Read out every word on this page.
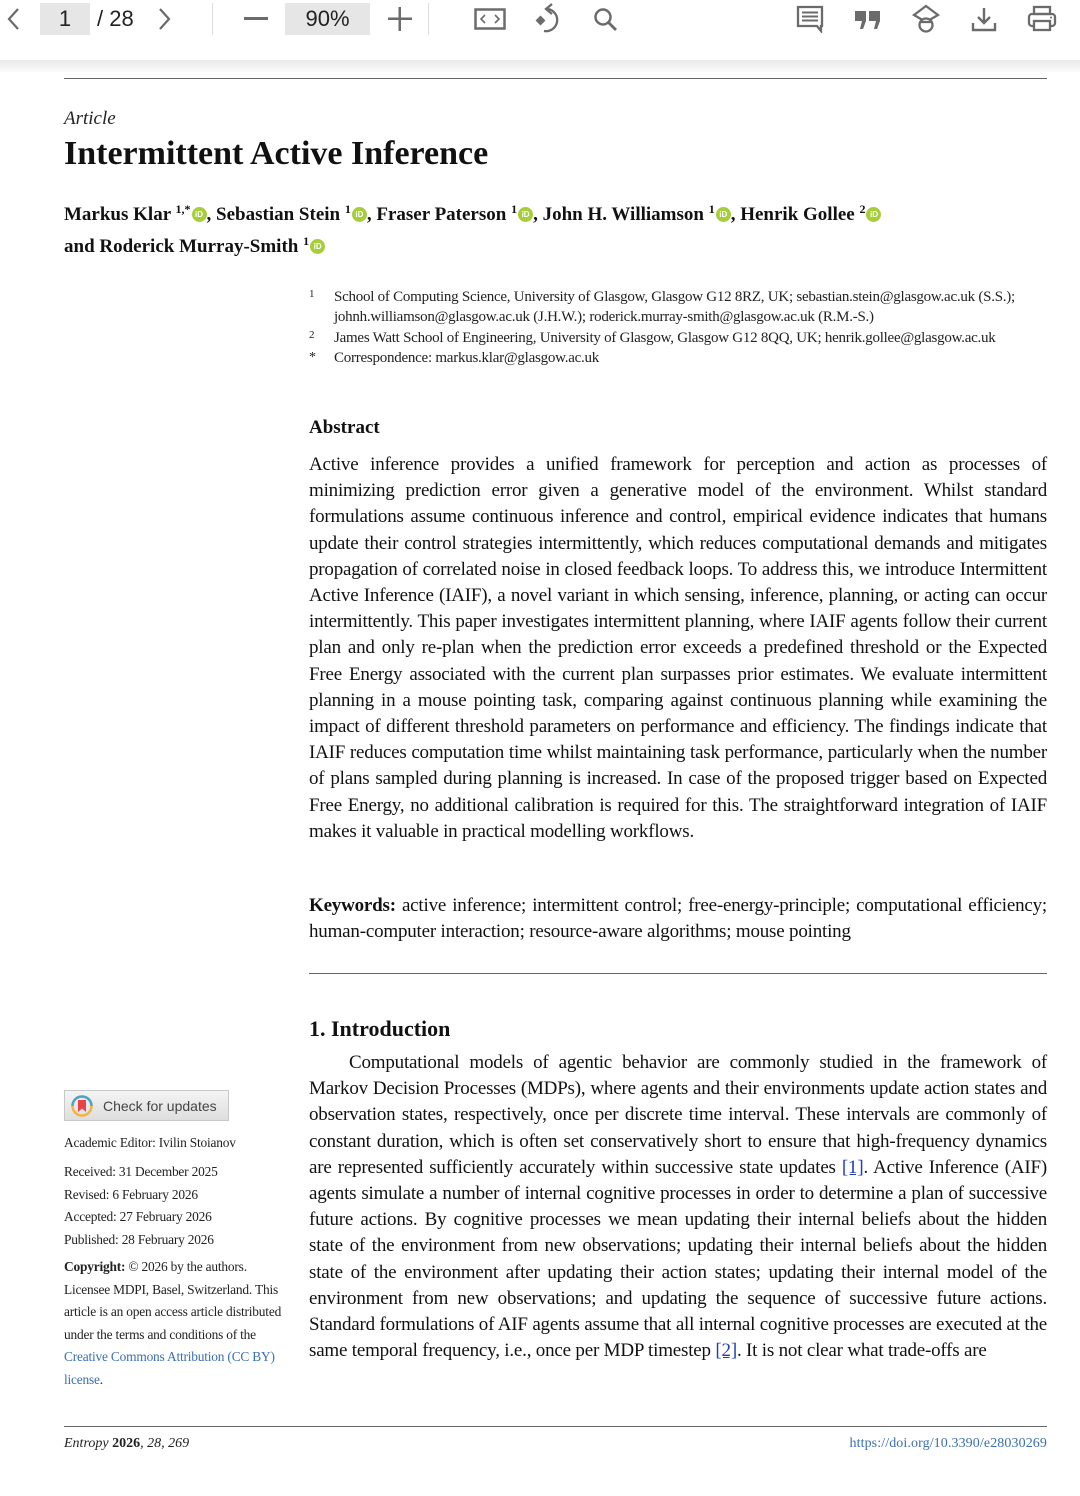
1	/ 28	90%
Article
Intermittent Active Inference
Markus Klar $^{1,*}$ iD , Sebastian Stein $^1$ iD , Fraser Paterson $^1$ iD , John H. Williamson $^1$ iD , Henrik Gollee $^2$ iD
and Roderick Murray-Smith $^1$ iD
1 School of Computing Science, University of Glasgow, Glasgow G12 8RZ, UK; sebastian.stein@glasgow.ac.uk (S.S.); johnh.williamson@glasgow.ac.uk (J.H.W.); roderick.murray-smith@glasgow.ac.uk (R.M.-S.)
2 James Watt School of Engineering, University of Glasgow, Glasgow G12 8QQ, UK; henrik.gollee@glasgow.ac.uk
* Correspondence: markus.klar@glasgow.ac.uk
Abstract

Active inference provides a unified framework for perception and action as processes of minimizing prediction error given a generative model of the environment. Whilst standard formulations assume continuous inference and control, empirical evidence indicates that humans update their control strategies intermittently, which reduces computational demands and mitigates propagation of correlated noise in closed feedback loops. To address this, we introduce Intermittent Active Inference (IAIF), a novel variant in which sensing, inference, planning, or acting can occur intermittently. This paper investigates intermittent planning, where IAIF agents follow their current plan and only re-plan when the prediction error exceeds a predefined threshold or the Expected Free Energy associated with the current plan surpasses prior estimates. We evaluate intermittent planning in a mouse pointing task, comparing against continuous planning while examining the impact of different threshold parameters on performance and efficiency. The findings indicate that IAIF reduces computation time whilst maintaining task performance, particularly when the number of plans sampled during planning is increased. In case of the proposed trigger based on Expected Free Energy, no additional calibration is required for this. The straightforward integration of IAIF makes it valuable in practical modelling workflows.

Keywords: active inference; intermittent control; free-energy-principle; computational efficiency; human-computer interaction; resource-aware algorithms; mouse pointing

1. Introduction

Computational models of agentic behavior are commonly studied in the framework of Markov Decision Processes (MDPs), where agents and their environments update action states and observation states, respectively, once per discrete time interval. These intervals are commonly of constant duration, which is often set conservatively short to ensure that high-frequency dynamics are represented sufficiently accurately within successive state updates [1]. Active Inference (AIF) agents simulate a number of internal cognitive processes in order to determine a plan of successive future actions. By cognitive processes we mean updating their internal beliefs about the hidden state of the environment from new observations; updating their internal beliefs about the hidden state of the environment after updating their action states; updating their internal model of the environment from new observations; and updating the sequence of successive future actions. Standard formulations of AIF agents assume that all internal cognitive processes are executed at the same temporal frequency, i.e., once per MDP timestep [2]. It is not clear what trade-offs are

Check for updates
Academic Editor: Ivilin Stoianov
Received: 31 December 2025
Revised: 6 February 2026
Accepted: 27 February 2026
Published: 28 February 2026
Copyright: © 2026 by the authors. Licensee MDPI, Basel, Switzerland. This article is an open access article distributed under the terms and conditions of the Creative Commons Attribution (CC BY) license.
Entropy 2026, 28, 269	https://doi.org/10.3390/e28030269
